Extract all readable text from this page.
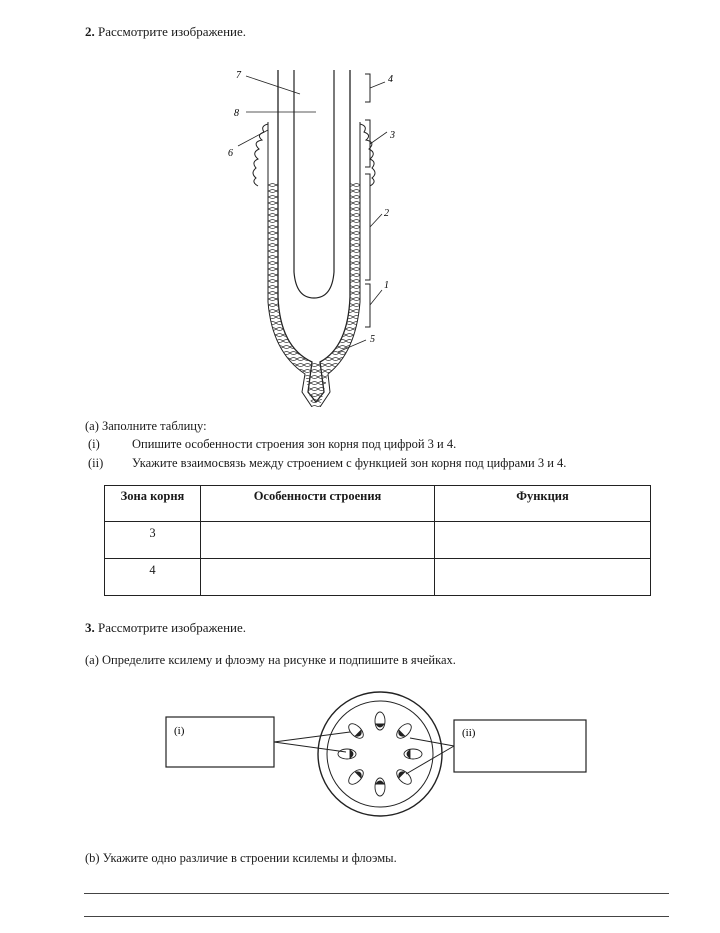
2. Рассмотрите изображение.
7
8
6
4
3
2
1
5
(a) Заполните таблицу:
(i)	Опишите особенности строения зон корня под цифрой 3 и 4.
(ii) Укажите взаимосвязь между строением с функцией зон корня под цифрами 3 и 4.
Зона корня	Особенности строения	Функция
3		
4		
3. Рассмотрите изображение.
(a) Определите ксилему и флоэму на рисунке и подпишите в ячейках.
(i)	(ii)
(b) Укажите одно различие в строении ксилемы и флоэмы.
